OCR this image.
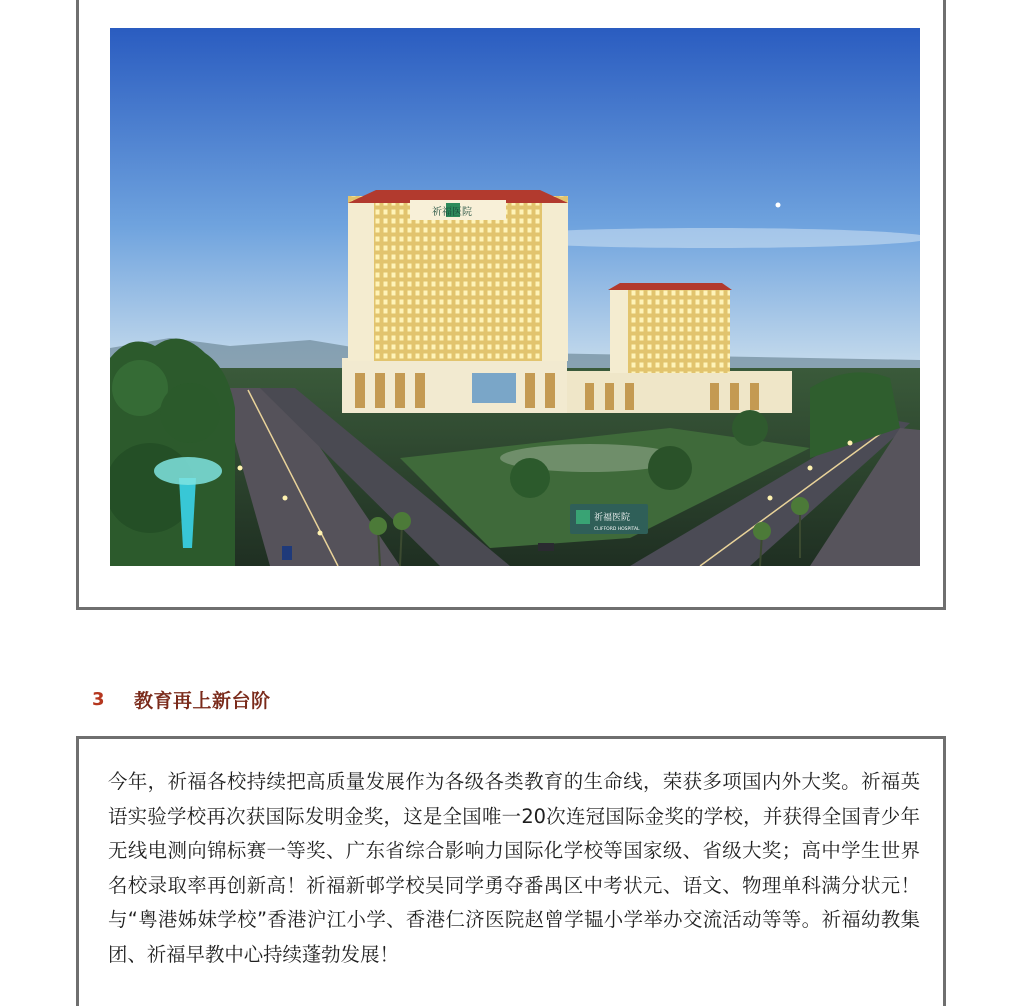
祈福医院
祈福医院
CLIFFORD HOSPITAL
3	教育再上新台阶

今年，祈福各校持续把高质量发展作为各级各类教育的生命线，荣获多项国内外大奖。祈福英语实验学校再次获国际发明金奖，这是全国唯一20次连冠国际金奖的学校，并获得全国青少年无线电测向锦标赛一等奖、广东省综合影响力国际化学校等国家级、省级大奖；高中学生世界名校录取率再创新高！祈福新邨学校吴同学勇夺番禺区中考状元、语文、物理单科满分状元！与“粤港姊妹学校”香港沪江小学、香港仁济医院赵曾学韫小学举办交流活动等等。祈福幼教集团、祈福早教中心持续蓬勃发展！
